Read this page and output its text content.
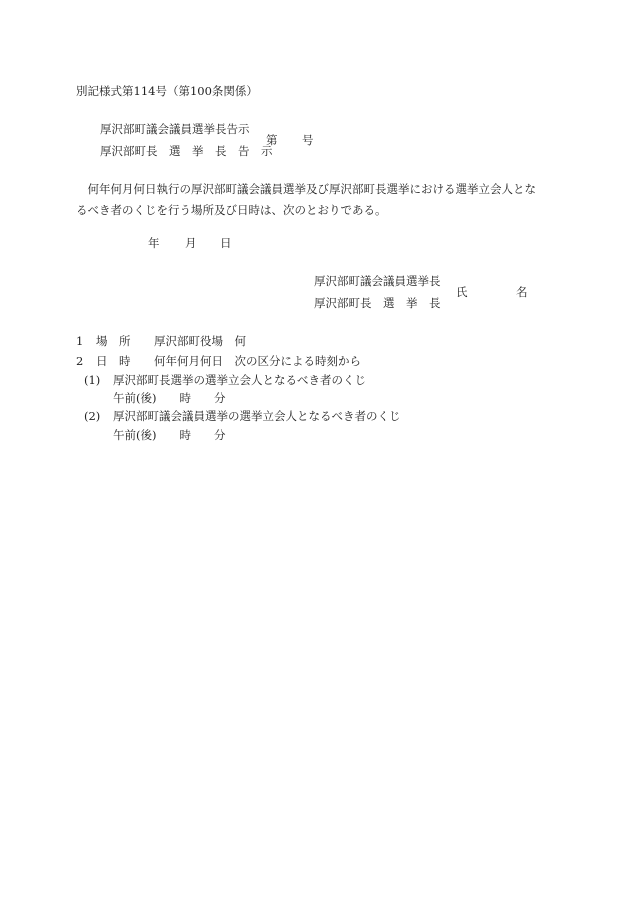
別記様式第114号（第100条関係）
厚沢部町議会議員選挙長告示
厚沢部町長　選　挙　長　告　示
第 号
何年何月何日執行の厚沢部町議会議員選挙及び厚沢部町長選挙における選挙立会人とな
るべき者のくじを行う場所及び日時は、次のとおりである。
年 月 日
厚沢部町議会議員選挙長
厚沢部町長　選　挙　長
氏	名
1 場　所 厚沢部町役場　何
2 日　時 何年何月何日　次の区分による時刻から
(1) 厚沢部町長選挙の選挙立会人となるべき者のくじ
午前(後)　　時　　分
(2) 厚沢部町議会議員選挙の選挙立会人となるべき者のくじ
午前(後)　　時　　分
